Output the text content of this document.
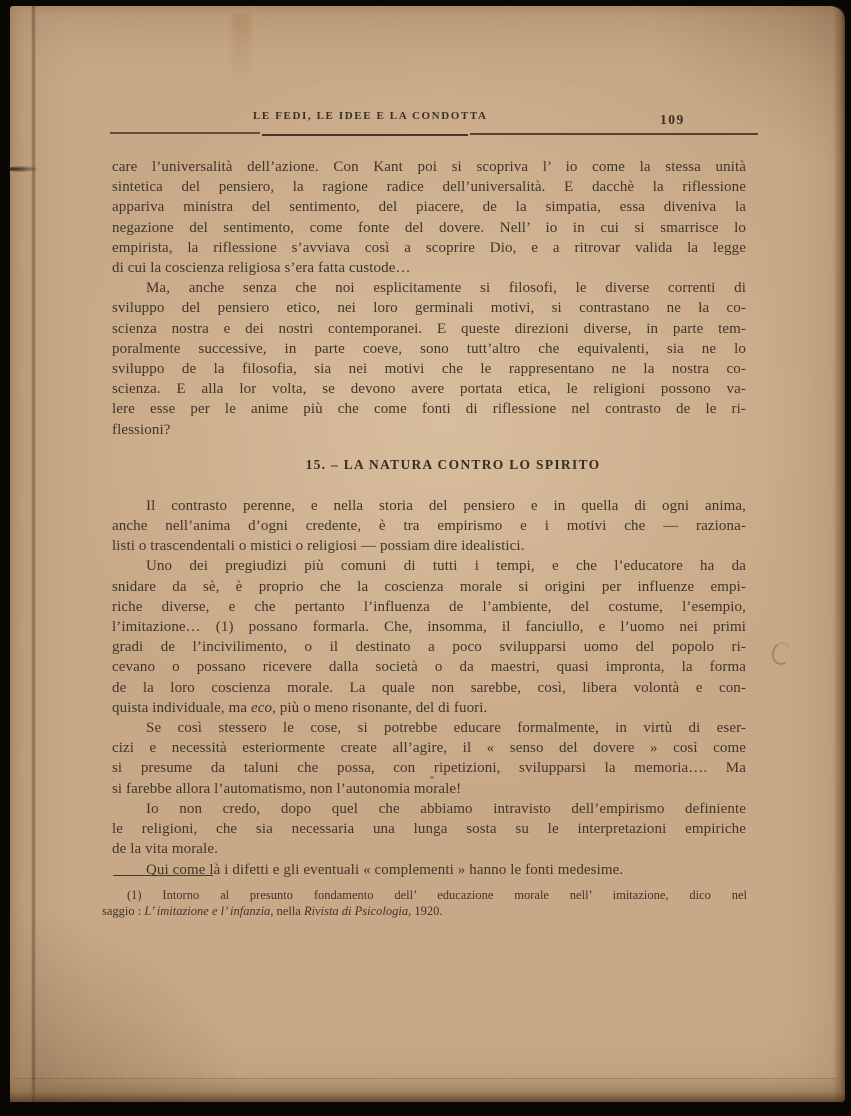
LE FEDI, LE IDEE E LA CONDOTTA	109
care l’universalità dell’azione. Con Kant poi si scopriva l’ io come la stessa unità
sintetica del pensiero, la ragione radice dell’universalità. E dacchè la riflessione
appariva ministra del sentimento, del piacere, de la simpatia, essa diveniva la
negazione del sentimento, come fonte del dovere. Nell’ io in cui si smarrisce lo
empirista, la riflessione s’avviava così a scoprire Dio, e a ritrovar valida la legge
di cui la coscienza religiosa s’era fatta custode…
Ma, anche senza che noi esplicitamente si filosofi, le diverse correnti di
sviluppo del pensiero etico, nei loro germinali motivi, si contrastano ne la co-
scienza nostra e dei nostri contemporanei. E queste direzioni diverse, in parte tem-
poralmente successive, in parte coeve, sono tutt’altro che equivalenti, sia ne lo
sviluppo de la filosofia, sia nei motivi che le rappresentano ne la nostra co-
scienza. E alla lor volta, se devono avere portata etica, le religioni possono va-
lere esse per le anime più che come fonti di riflessione nel contrasto de le ri-
flessioni?
15. – LA NATURA CONTRO LO SPIRITO
Il contrasto perenne, e nella storia del pensiero e in quella di ogni anima,
anche nell’anima d’ogni credente, è tra empirismo e i motivi che — raziona-
listi o trascendentali o mistici o religiosi — possiam dire idealistici.
Uno dei pregiudizi più comuni di tutti i tempi, e che l’educatore ha da
snidare da sè, è proprio che la coscienza morale si origini per influenze empi-
riche diverse, e che pertanto l’influenza de l’ambiente, del costume, l’esempio,
l’imitazione… (1) possano formarla. Che, insomma, il fanciullo, e l’uomo nei primi
gradi de l’incivilimento, o il destinato a poco svilupparsi uomo del popolo ri-
cevano o possano ricevere dalla società o da maestri, quasi impronta, la forma
de la loro coscienza morale. La quale non sarebbe, così, libera volontà e con-
quista individuale, ma eco, più o meno risonante, del di fuori.
Se così stessero le cose, si potrebbe educare formalmente, in virtù di eser-
cizi e necessità esteriormente create all’agire, il « senso del dovere » così come
si presume da taluni che possa, con ripetizioni, svilupparsi la memoria…. Ma
si farebbe allora l’automatismo, non l’autonomia morale!
Io non credo, dopo quel che abbiamo intravisto dell’empirismo definiente
le religioni, che sia necessaria una lunga sosta su le interpretazioni empiriche
de la vita morale.
Qui come là i difetti e gli eventuali « complementi » hanno le fonti medesime.
(1) Intorno al presunto fondamento dell’ educazione morale nell’ imitazione, dico nel
saggio : L’ imitazione e l’ infanzia, nella Rivista di Psicologia, 1920.
